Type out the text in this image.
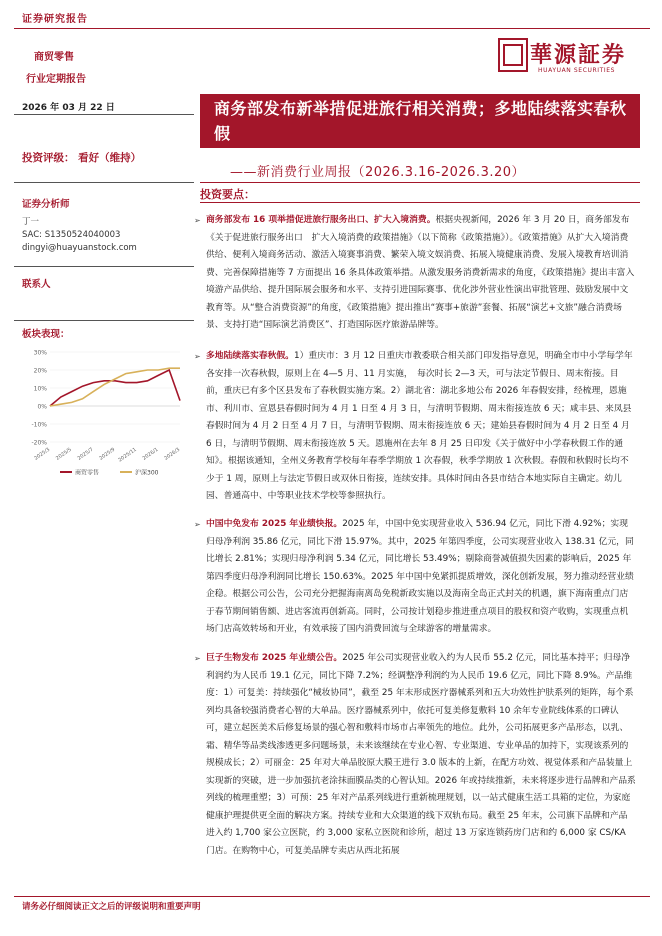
证券研究报告
商贸零售
行业定期报告
華源証券
HUAYUAN SECURITIES
2026 年 03 月 22 日	商务部发布新举措促进旅行相关消费；多地陆续落实春秋假
投资评级： 看好（维持）
——新消费行业周报（2026.3.16-2026.3.20）
投资要点：
证券分析师
丁一
SAC: S1350524040003
dingyi@huayuanstock.com
联系人
板块表现：
30%
20%
10%
0%
-10%
-20%
2025/3 2025/5 2025/7 2025/9 2025/11 2026/1 2026/3
商贸零售	沪深300
➢ 商务部发布 16 项举措促进旅行服务出口、扩大入境消费。根据央视新闻，2026 年 3 月 20 日，商务部发布《关于促进旅行服务出口　扩大入境消费的政策措施》（以下简称《政策措施》）。《政策措施》从扩大入境消费供给、便利入境商务活动、激活入境赛事消费、繁荣入境文娱消费、拓展入境健康消费、发展入境教育培训消费、完善保障措施等 7 方面提出 16 条具体政策举措。从激发服务消费新需求的角度，《政策措施》提出丰富入境游产品供给、提升国际展会服务和水平、支持引进国际赛事、优化涉外营业性演出审批管理、鼓励发展中文教育等。从“整合消费资源”的角度，《政策措施》提出推出“赛事+旅游”套餐、拓展“演艺+文旅”融合消费场景、支持打造“国际演艺消费区”、打造国际医疗旅游品牌等。
➢ 多地陆续落实春秋假。1）重庆市：3 月 12 日重庆市教委联合相关部门印发指导意见，明确全市中小学每学年各安排一次春秋假，原则上在 4—5 月、11 月实施，　每次时长 2—3 天，可与法定节假日、周末衔接。目前，重庆已有多个区县发布了春秋假实施方案。2）湖北省：湖北多地公布 2026 年春假安排，经梳理，恩施市、利川市、宣恩县春假时间为 4 月 1 日至 4 月 3 日，与清明节假期、周末衔接连放 6 天；咸丰县、来凤县春假时间为 4 月 2 日至 4 月 7 日，与清明节假期、周末衔接连放 6 天；建始县春假时间为 4 月 2 日至 4 月 6 日，与清明节假期、周末衔接连放 5 天。恩施州在去年 8 月 25 日印发《关于做好中小学春秋假工作的通知》。根据该通知，全州义务教育学校每年春季学期放 1 次春假，秋季学期放 1 次秋假。春假和秋假时长均不少于 1 周，原则上与法定节假日或双休日衔接，连续安排。具体时间由各县市结合本地实际自主确定。幼儿园、普通高中、中等职业技术学校等参照执行。
➢ 中国中免发布 2025 年业绩快报。2025 年，中国中免实现营业收入 536.94 亿元，同比下滑 4.92%；实现归母净利润 35.86 亿元，同比下滑 15.97%。其中，2025 年第四季度，公司实现营业收入 138.31 亿元，同比增长 2.81%；实现归母净利润 5.34 亿元，同比增长 53.49%；剔除商誉减值损失因素的影响后，2025 年第四季度归母净利润同比增长 150.63%。2025 年中国中免紧抓提质增效，深化创新发展，努力推动经营业绩企稳。根据公司公告，公司充分把握海南离岛免税新政实施以及海南全岛正式封关的机遇，旗下海南重点门店于春节期间销售额、进店客流再创新高。同时，公司按计划稳步推进重点项目的股权和资产收购，实现重点机场门店高效转场和开业，有效承接了国内消费回流与全球游客的增量需求。
➢ 巨子生物发布 2025 年业绩公告。2025 年公司实现营业收入约为人民币 55.2 亿元，同比基本持平；归母净利润约为人民币 19.1 亿元，同比下降 7.2%；经调整净利润约为人民币 19.6 亿元，同比下降 8.9%。产品维度：1）可复美：持续强化“械妆协同”，截至 25 年末形成医疗器械系列和五大功效性护肤系列的矩阵，每个系列均具备较强消费者心智的大单品。医疗器械系列中，依托可复美修复敷料 10 余年专业院线体系的口碑认可，建立起医美术后修复场景的强心智和敷料市场市占率领先的地位。此外，公司拓展更多产品形态，以乳、霜、精华等品类线渗透更多问题场景，未来该继续在专业心智、专业渠道、专业单品的加持下，实现该系列的规模成长；2）可丽金：25 年对大单品胶原大膜王进行 3.0 版本的上新，在配方功效、视觉体系和产品装量上实现新的突破，进一步加强抗老涂抹面膜品类的心智认知。2026 年或持续推新，未来将逐步进行品牌和产品系列线的梳理重塑；3）可预：25 年对产品系列线进行重新梳理规划，以一站式健康生活工具箱的定位，为家庭健康护理提供更全面的解决方案。持续专业和大众渠道的线下双轨布局。截至 25 年末，公司旗下品牌和产品进入约 1,700 家公立医院，约 3,000 家私立医院和诊所，超过 13 万家连锁药房门店和约 6,000 家 CS/KA 门店。在购物中心，可复美品牌专卖店从西北拓展
请务必仔细阅读正文之后的评级说明和重要声明
